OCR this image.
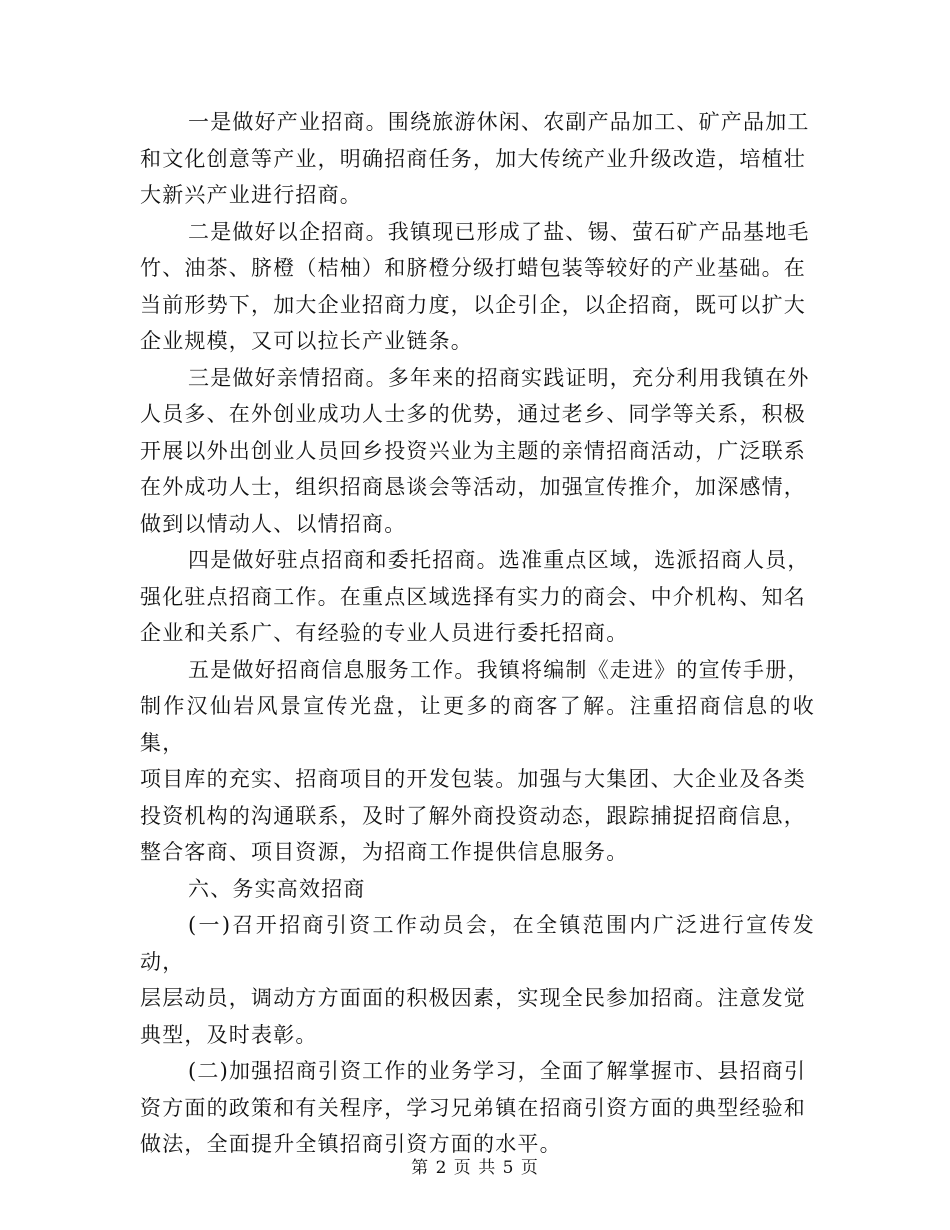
一是做好产业招商。围绕旅游休闲、农副产品加工、矿产品加工
和文化创意等产业，明确招商任务，加大传统产业升级改造，培植壮
大新兴产业进行招商。

二是做好以企招商。我镇现已形成了盐、锡、萤石矿产品基地毛
竹、油茶、脐橙（桔柚）和脐橙分级打蜡包装等较好的产业基础。在
当前形势下，加大企业招商力度，以企引企，以企招商，既可以扩大
企业规模，又可以拉长产业链条。

三是做好亲情招商。多年来的招商实践证明，充分利用我镇在外
人员多、在外创业成功人士多的优势，通过老乡、同学等关系，积极
开展以外出创业人员回乡投资兴业为主题的亲情招商活动，广泛联系
在外成功人士，组织招商恳谈会等活动，加强宣传推介，加深感情，
做到以情动人、以情招商。

四是做好驻点招商和委托招商。选准重点区域，选派招商人员，
强化驻点招商工作。在重点区域选择有实力的商会、中介机构、知名
企业和关系广、有经验的专业人员进行委托招商。

五是做好招商信息服务工作。我镇将编制《走进》的宣传手册，
制作汉仙岩风景宣传光盘，让更多的商客了解。注重招商信息的收集，
项目库的充实、招商项目的开发包装。加强与大集团、大企业及各类
投资机构的沟通联系，及时了解外商投资动态，跟踪捕捉招商信息，
整合客商、项目资源，为招商工作提供信息服务。

六、务实高效招商

(一)召开招商引资工作动员会，在全镇范围内广泛进行宣传发动，
层层动员，调动方方面面的积极因素，实现全民参加招商。注意发觉
典型，及时表彰。

(二)加强招商引资工作的业务学习，全面了解掌握市、县招商引
资方面的政策和有关程序，学习兄弟镇在招商引资方面的典型经验和
做法，全面提升全镇招商引资方面的水平。

第 2 页 共 5 页
